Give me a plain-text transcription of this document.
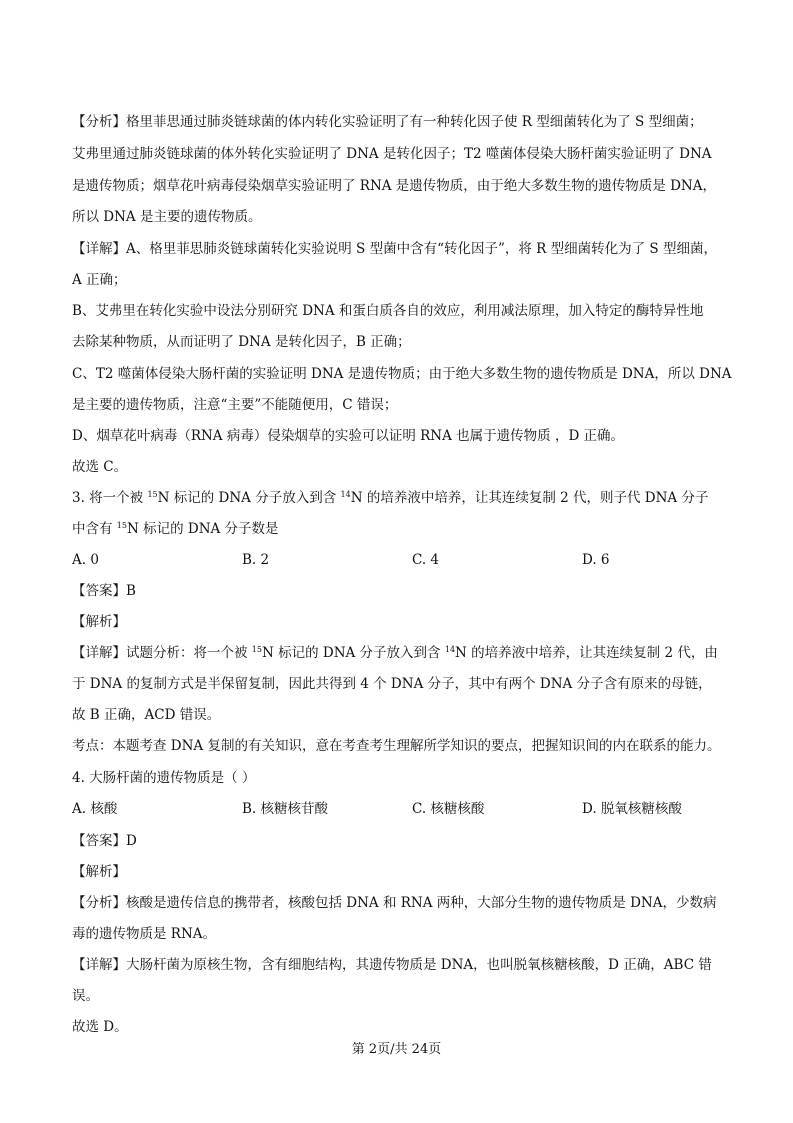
【分析】格里菲思通过肺炎链球菌的体内转化实验证明了有一种转化因子使 R 型细菌转化为了 S 型细菌；
艾弗里通过肺炎链球菌的体外转化实验证明了 DNA 是转化因子；T2 噬菌体侵染大肠杆菌实验证明了 DNA
是遗传物质；烟草花叶病毒侵染烟草实验证明了 RNA 是遗传物质，由于绝大多数生物的遗传物质是 DNA，
所以 DNA 是主要的遗传物质。
【详解】A、格里菲思肺炎链球菌转化实验说明 S 型菌中含有“转化因子”，将 R 型细菌转化为了 S 型细菌，
A 正确；
B、艾弗里在转化实验中设法分别研究 DNA 和蛋白质各自的效应，利用减法原理，加入特定的酶特异性地
去除某种物质，从而证明了 DNA 是转化因子，B 正确；
C、T2 噬菌体侵染大肠杆菌的实验证明 DNA 是遗传物质；由于绝大多数生物的遗传物质是 DNA，所以 DNA
是主要的遗传物质，注意“主要”不能随便用，C 错误；
D、烟草花叶病毒（RNA 病毒）侵染烟草的实验可以证明 RNA 也属于遗传物质 ，D 正确。
故选 C。
3. 将一个被 $^{15}$N 标记的 DNA 分子放入到含 $^{14}$N 的培养液中培养，让其连续复制 2 代，则子代 DNA 分子
中含有 $^{15}$N 标记的 DNA 分子数是
A. 0	B. 2	C. 4	D. 6
【答案】B
【解析】
【详解】试题分析：将一个被 $^{15}$N 标记的 DNA 分子放入到含 $^{14}$N 的培养液中培养，让其连续复制 2 代，由
于 DNA 的复制方式是半保留复制，因此共得到 4 个 DNA 分子，其中有两个 DNA 分子含有原来的母链，
故 B 正确，ACD 错误。
考点：本题考查 DNA 复制的有关知识，意在考查考生理解所学知识的要点，把握知识间的内在联系的能力。
4. 大肠杆菌的遗传物质是（ ）
A. 核酸	B. 核糖核苷酸	C. 核糖核酸	D. 脱氧核糖核酸
【答案】D
【解析】
【分析】核酸是遗传信息的携带者，核酸包括 DNA 和 RNA 两种，大部分生物的遗传物质是 DNA，少数病
毒的遗传物质是 RNA。
【详解】大肠杆菌为原核生物，含有细胞结构，其遗传物质是 DNA，也叫脱氧核糖核酸，D 正确，ABC 错
误。
故选 D。
第 2页/共 24页
